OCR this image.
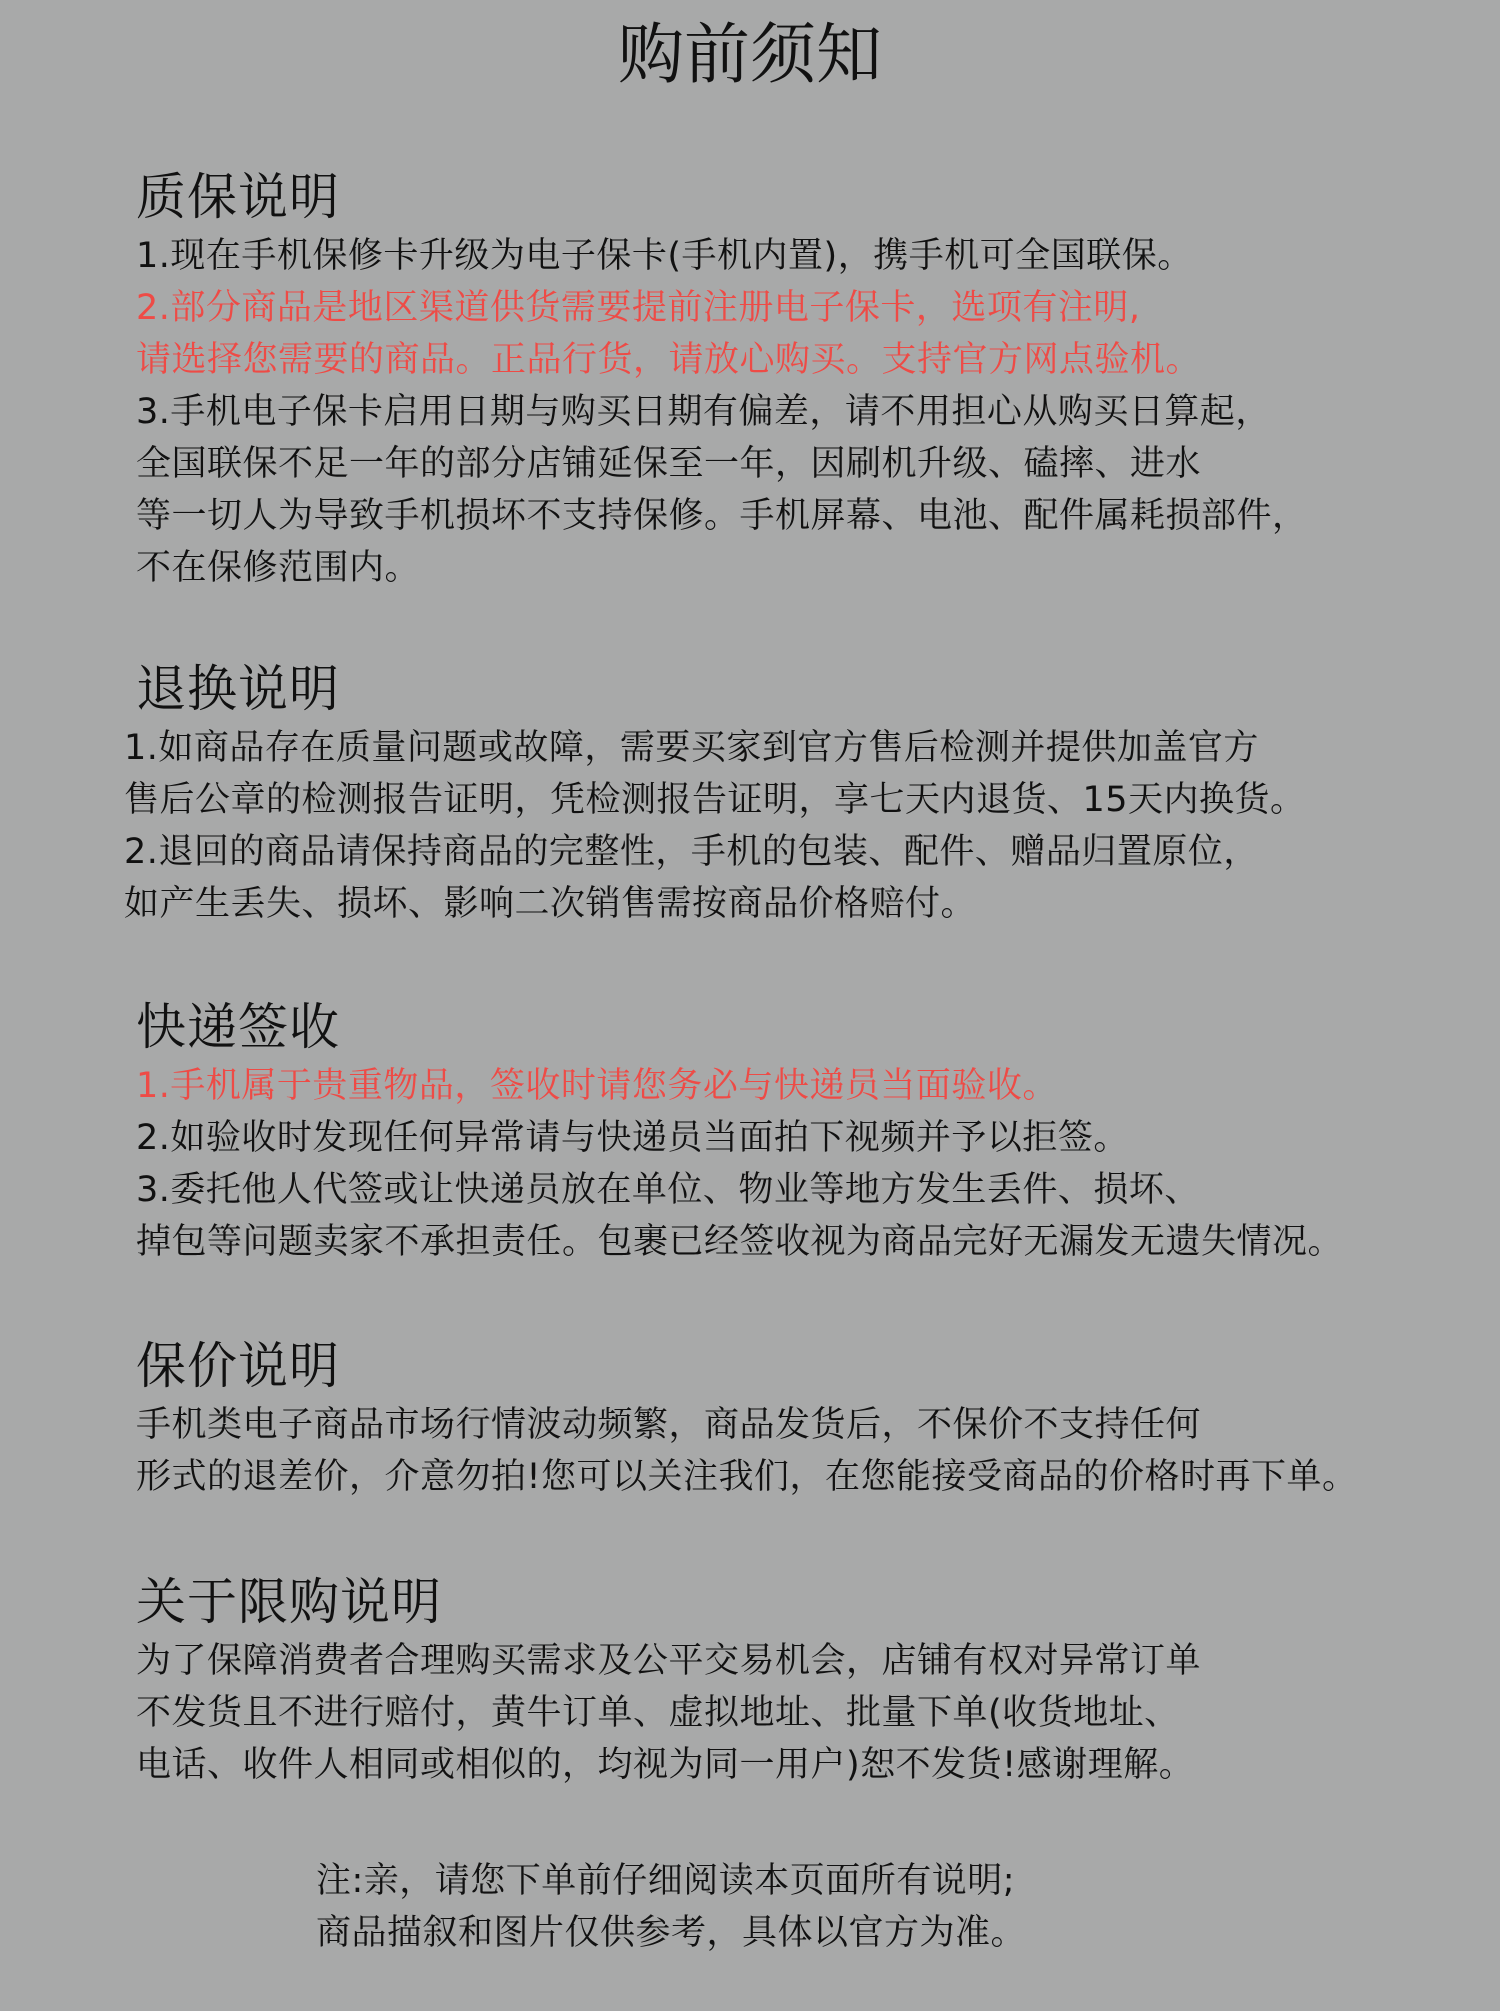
购前须知
质保说明
1.现在手机保修卡升级为电子保卡(手机内置)，携手机可全国联保。
2.部分商品是地区渠道供货需要提前注册电子保卡，选项有注明,
请选择您需要的商品。正品行货，请放心购买。支持官方网点验机。
3.手机电子保卡启用日期与购买日期有偏差，请不用担心从购买日算起，
全国联保不足一年的部分店铺延保至一年，因刷机升级、磕摔、进水
等一切人为导致手机损坏不支持保修。手机屏幕、电池、配件属耗损部件，
不在保修范围内。
退换说明
1.如商品存在质量问题或故障，需要买家到官方售后检测并提供加盖官方
售后公章的检测报告证明，凭检测报告证明，享七天内退货、15天内换货。
2.退回的商品请保持商品的完整性，手机的包装、配件、赠品归置原位，
如产生丢失、损坏、影响二次销售需按商品价格赔付。
快递签收
1.手机属于贵重物品，签收时请您务必与快递员当面验收。
2.如验收时发现任何异常请与快递员当面拍下视频并予以拒签。
3.委托他人代签或让快递员放在单位、物业等地方发生丢件、损坏、
掉包等问题卖家不承担责任。包裹已经签收视为商品完好无漏发无遗失情况。
保价说明
手机类电子商品市场行情波动频繁，商品发货后，不保价不支持任何
形式的退差价，介意勿拍!您可以关注我们，在您能接受商品的价格时再下单。
关于限购说明
为了保障消费者合理购买需求及公平交易机会，店铺有权对异常订单
不发货且不进行赔付，黄牛订单、虚拟地址、批量下单(收货地址、
电话、收件人相同或相似的，均视为同一用户)恕不发货!感谢理解。
注:亲，请您下单前仔细阅读本页面所有说明;
商品描叙和图片仅供参考，具体以官方为准。
